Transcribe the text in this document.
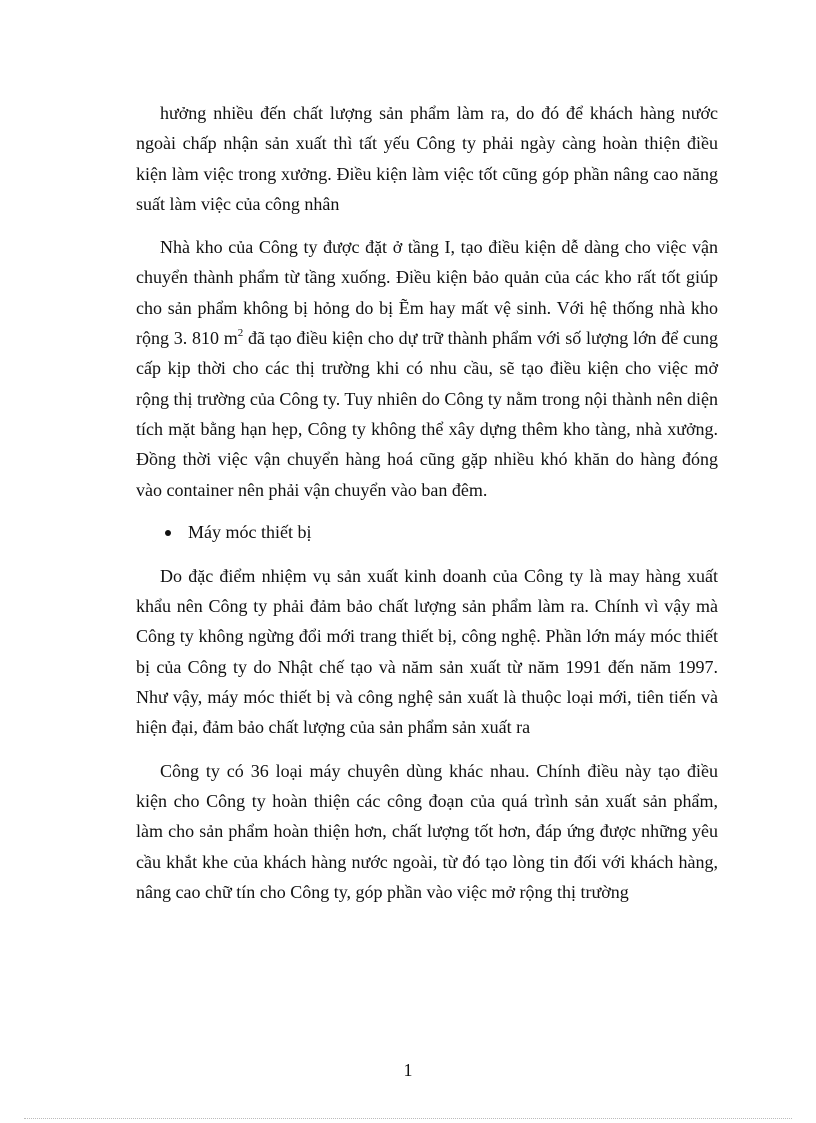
hưởng nhiều đến chất lượng sản phẩm làm ra, do đó để khách hàng nước ngoài chấp nhận sản xuất thì tất yếu Công ty phải ngày càng hoàn thiện điều kiện làm việc trong xưởng. Điều kiện làm việc tốt cũng góp phần nâng cao năng suất làm việc của công nhân

Nhà kho của Công ty được đặt ở tầng I, tạo điều kiện dễ dàng cho việc vận chuyển thành phẩm từ tầng xuống. Điều kiện bảo quản của các kho rất tốt giúp cho sản phẩm không bị hỏng do bị Ẽm hay mất vệ sinh. Với hệ thống nhà kho rộng 3. 810 $m^2$ đã tạo điều kiện cho dự trữ thành phẩm với số lượng lớn để cung cấp kịp thời cho các thị trường khi có nhu cầu, sẽ tạo điều kiện cho việc mở rộng thị trường của Công ty. Tuy nhiên do Công ty nằm trong nội thành nên diện tích mặt bằng hạn hẹp, Công ty không thể xây dựng thêm kho tàng, nhà xưởng. Đồng thời việc vận chuyển hàng hoá cũng gặp nhiều khó khăn do hàng đóng vào container nên phải vận chuyển vào ban đêm.

Máy móc thiết bị

Do đặc điểm nhiệm vụ sản xuất kinh doanh của Công ty là may hàng xuất khẩu nên Công ty phải đảm bảo chất lượng sản phẩm làm ra. Chính vì vậy mà Công ty không ngừng đổi mới trang thiết bị, công nghệ. Phần lớn máy móc thiết bị của Công ty do Nhật chế tạo và năm sản xuất từ năm 1991 đến năm 1997. Như vậy, máy móc thiết bị và công nghệ sản xuất là thuộc loại mới, tiên tiến và hiện đại, đảm bảo chất lượng của sản phẩm sản xuất ra

Công ty có 36 loại máy chuyên dùng khác nhau. Chính điều này tạo điều kiện cho Công ty hoàn thiện các công đoạn của quá trình sản xuất sản phẩm, làm cho sản phẩm hoàn thiện hơn, chất lượng tốt hơn, đáp ứng được những yêu cầu khắt khe của khách hàng nước ngoài, từ đó tạo lòng tin đối với khách hàng, nâng cao chữ tín cho Công ty, góp phần vào việc mở rộng thị trường

1
